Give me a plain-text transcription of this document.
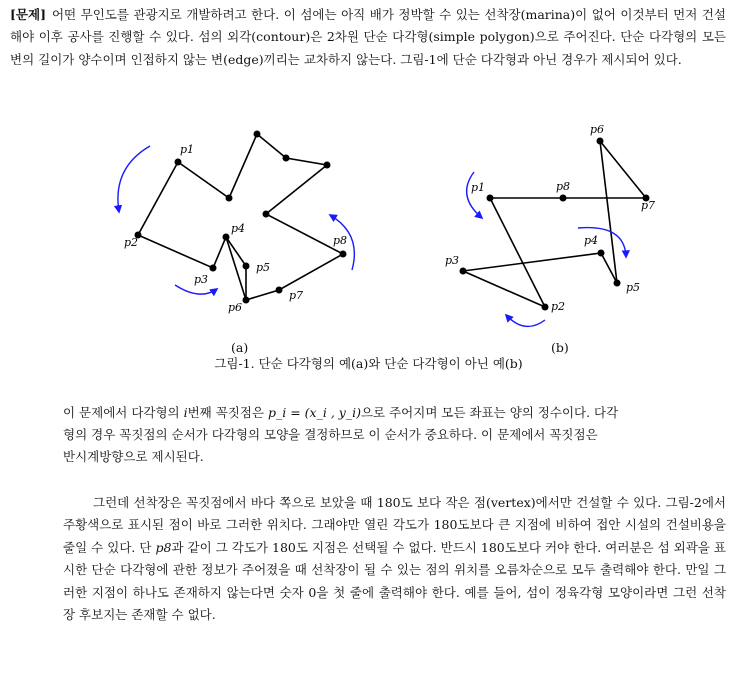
[문제] 어떤 무인도를 관광지로 개발하려고 한다. 이 섬에는 아직 배가 정박할 수 있는 선착장(marina)이 없어 이것부터 먼저 건설해야 이후 공사를 진행할 수 있다. 섬의 외각(contour)은 2차원 단순 다각형(simple polygon)으로 주어진다. 단순 다각형의 모든 변의 길이가 양수이며 인접하지 않는 변(edge)끼리는 교차하지 않는다. 그림-1에 단순 다각형과 아닌 경우가 제시되어 있다.

p1
p2
p3
p4
p5
p6
p7
p8
p1
p2
p3
p4
p5
p6
p7
p8
(a)	(b)
그림-1. 단순 다각형의 예(a)와 단순 다각형이 아닌 예(b)

이 문제에서 다각형의 i번째 꼭짓점은 p_i = (x_i , y_i)으로 주어지며 모든 좌표는 양의 정수이다. 다각

형의 경우 꼭짓점의 순서가 다각형의 모양을 결정하므로 이 순서가 중요하다. 이 문제에서 꼭짓점은

반시계방향으로 제시된다.

그런데 선착장은 꼭짓점에서 바다 쪽으로 보았을 때 180도 보다 작은 점(vertex)에서만 건설할 수 있다. 그림-2에서 주황색으로 표시된 점이 바로 그러한 위치다. 그래야만 열린 각도가 180도보다 큰 지점에 비하여 접안 시설의 건설비용을 줄일 수 있다. 단 p8과 같이 그 각도가 180도 지점은 선택될 수 없다. 반드시 180도보다 커야 한다. 여러분은 섬 외곽을 표시한 단순 다각형에 관한 정보가 주어졌을 때 선착장이 될 수 있는 점의 위치를 오름차순으로 모두 출력해야 한다. 만일 그러한 지점이 하나도 존재하지 않는다면 숫자 0을 첫 줄에 출력해야 한다. 예를 들어, 섬이 정육각형 모양이라면 그런 선착장 후보지는 존재할 수 없다.
